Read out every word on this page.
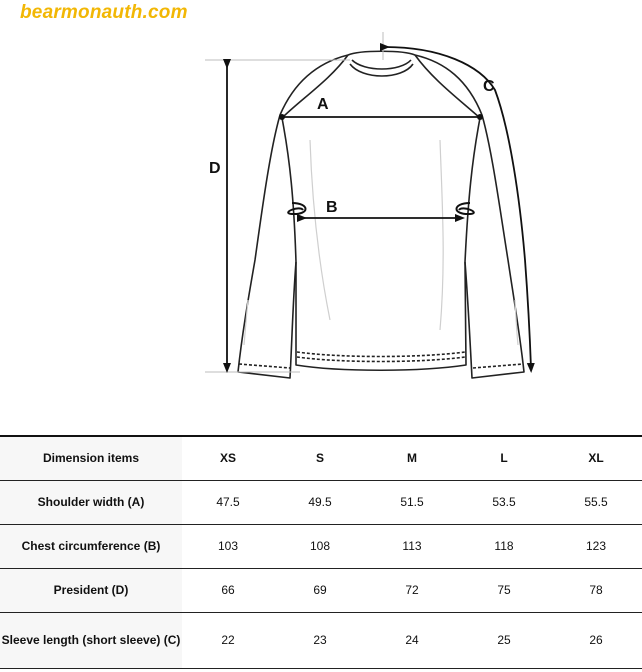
bearmonauth.com
A
B
C
D
Dimension items	XS	S	M	L	XL
Shoulder width (A)	47.5	49.5	51.5	53.5	55.5
Chest circumference (B)	103	108	113	118	123
President (D)	66	69	72	75	78
Sleeve length (short sleeve) (C)	22	23	24	25	26
